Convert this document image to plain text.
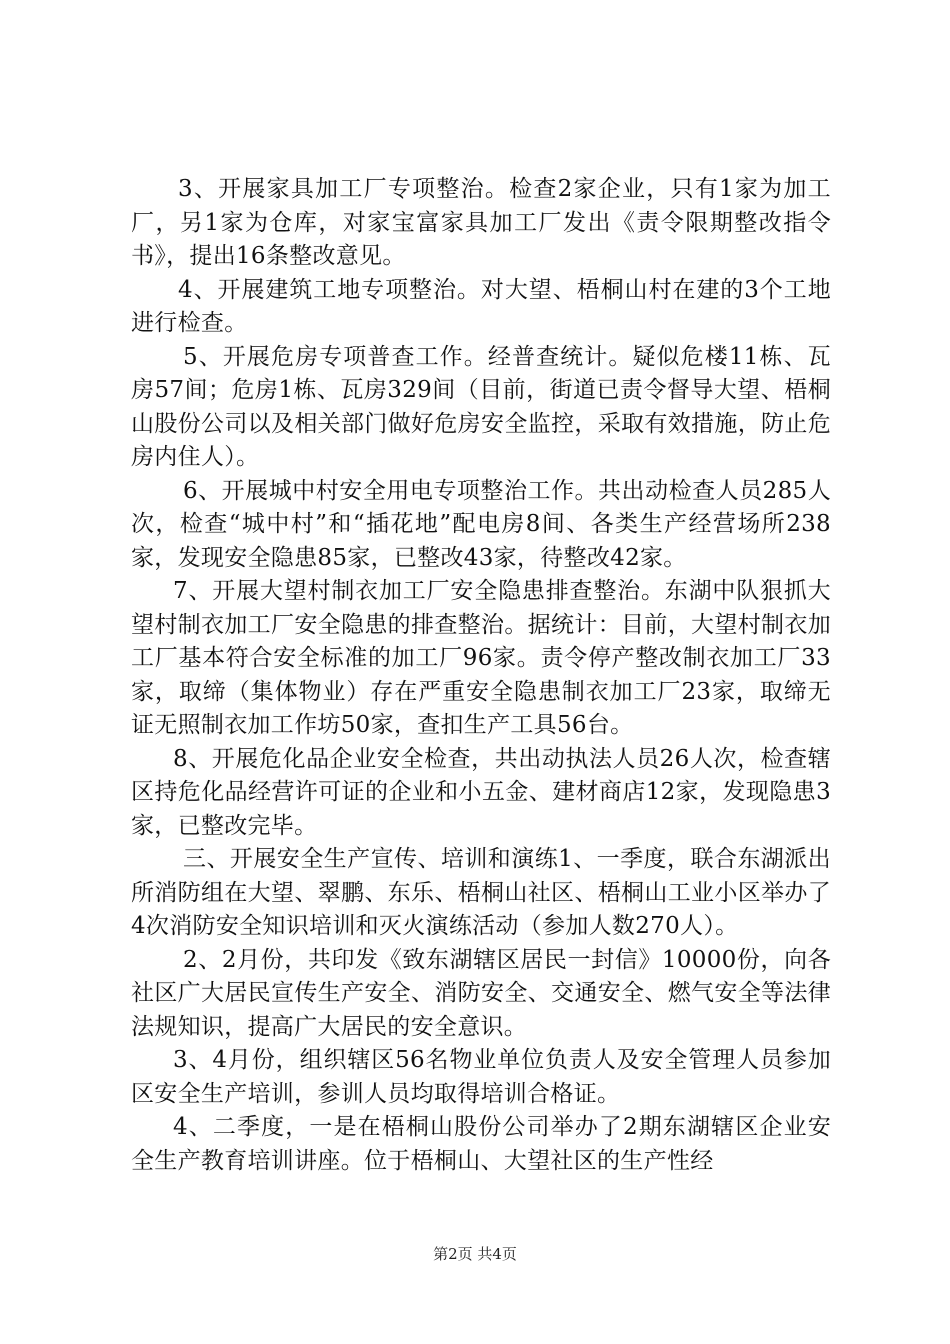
3、开展家具加工厂专项整治。检查2家企业，只有1家为加工厂，另1家为仓库，对家宝富家具加工厂发出《责令限期整改指令书》，提出16条整改意见。

4、开展建筑工地专项整治。对大望、梧桐山村在建的3个工地进行检查。

5、开展危房专项普查工作。经普查统计。疑似危楼11栋、瓦房57间；危房1栋、瓦房329间（目前，街道已责令督导大望、梧桐山股份公司以及相关部门做好危房安全监控，采取有效措施，防止危房内住人）。

6、开展城中村安全用电专项整治工作。共出动检查人员285人次，检查“城中村”和“插花地”配电房8间、各类生产经营场所238家，发现安全隐患85家，已整改43家，待整改42家。

7、开展大望村制衣加工厂安全隐患排查整治。东湖中队狠抓大望村制衣加工厂安全隐患的排查整治。据统计：目前，大望村制衣加工厂基本符合安全标准的加工厂96家。责令停产整改制衣加工厂33家，取缔（集体物业）存在严重安全隐患制衣加工厂23家，取缔无证无照制衣加工作坊50家，查扣生产工具56台。

8、开展危化品企业安全检查，共出动执法人员26人次，检查辖区持危化品经营许可证的企业和小五金、建材商店12家，发现隐患3家，已整改完毕。

三、开展安全生产宣传、培训和演练1、一季度，联合东湖派出所消防组在大望、翠鹏、东乐、梧桐山社区、梧桐山工业小区举办了4次消防安全知识培训和灭火演练活动（参加人数270人）。

2、2月份，共印发《致东湖辖区居民一封信》10000份，向各社区广大居民宣传生产安全、消防安全、交通安全、燃气安全等法律法规知识，提高广大居民的安全意识。

3、4月份，组织辖区56名物业单位负责人及安全管理人员参加区安全生产培训，参训人员均取得培训合格证。

4、二季度，一是在梧桐山股份公司举办了2期东湖辖区企业安全生产教育培训讲座。位于梧桐山、大望社区的生产性经

第2页 共4页
